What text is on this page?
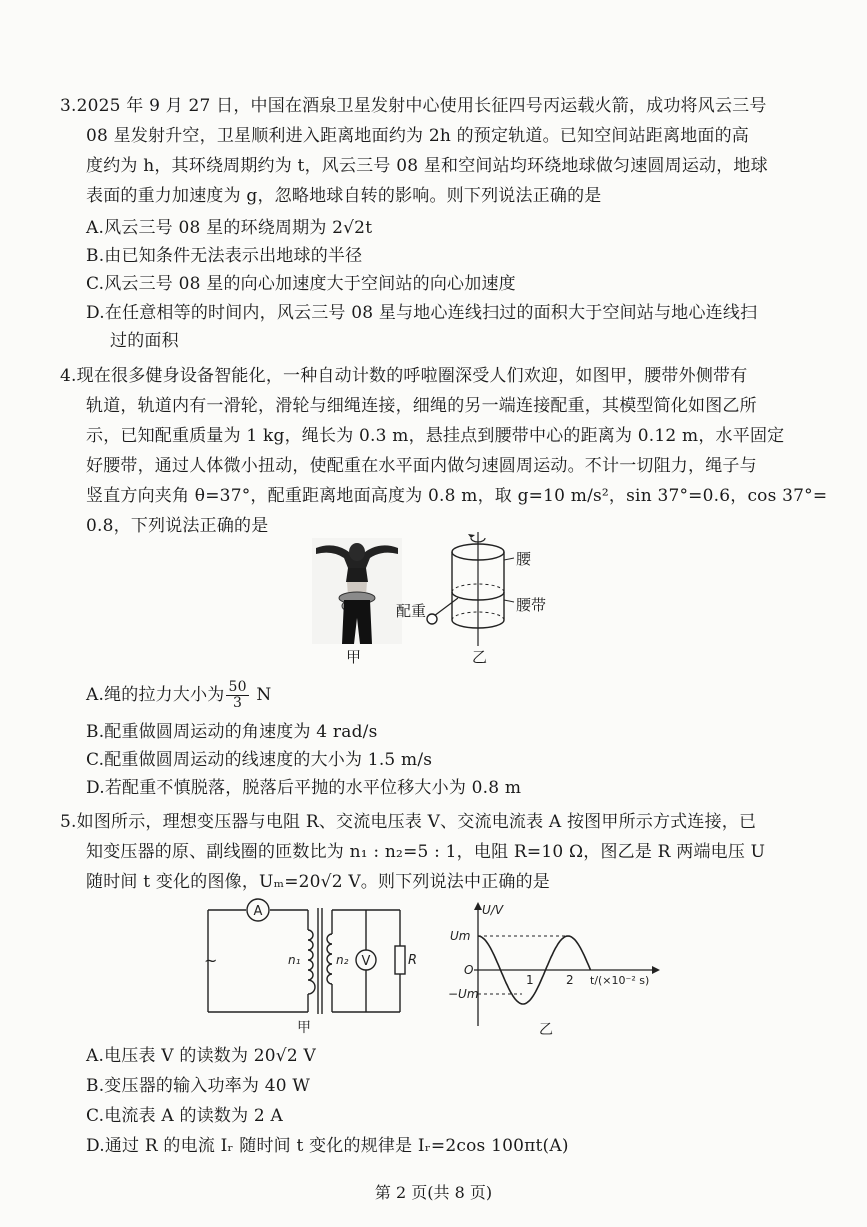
3.2025 年 9 月 27 日，中国在酒泉卫星发射中心使用长征四号丙运载火箭，成功将风云三号
08 星发射升空，卫星顺利进入距离地面约为 2h 的预定轨道。已知空间站距离地面的高
度约为 h，其环绕周期约为 t，风云三号 08 星和空间站均环绕地球做匀速圆周运动，地球
表面的重力加速度为 g，忽略地球自转的影响。则下列说法正确的是
A.风云三号 08 星的环绕周期为 2√2t
B.由已知条件无法表示出地球的半径
C.风云三号 08 星的向心加速度大于空间站的向心加速度
D.在任意相等的时间内，风云三号 08 星与地心连线扫过的面积大于空间站与地心连线扫
过的面积
4.现在很多健身设备智能化，一种自动计数的呼啦圈深受人们欢迎，如图甲，腰带外侧带有
轨道，轨道内有一滑轮，滑轮与细绳连接，细绳的另一端连接配重，其模型简化如图乙所
示，已知配重质量为 1 kg，绳长为 0.3 m，悬挂点到腰带中心的距离为 0.12 m，水平固定
好腰带，通过人体微小扭动，使配重在水平面内做匀速圆周运动。不计一切阻力，绳子与
竖直方向夹角 θ=37°，配重距离地面高度为 0.8 m，取 g=10 m/s²，sin 37°=0.6，cos 37°=
0.8，下列说法正确的是
腰
腰带
配重
甲	乙
A.绳的拉力大小为 $\frac{50}{3}$ N
B.配重做圆周运动的角速度为 4 rad/s
C.配重做圆周运动的线速度的大小为 1.5 m/s
D.若配重不慎脱落，脱落后平抛的水平位移大小为 0.8 m
5.如图所示，理想变压器与电阻 R、交流电压表 V、交流电流表 A 按图甲所示方式连接，已
知变压器的原、副线圈的匝数比为 n₁ : n₂=5 : 1，电阻 R=10 Ω，图乙是 R 两端电压 U
随时间 t 变化的图像，Uₘ=20√2 V。则下列说法中正确的是
A
V
~	n₁	n₂	R
甲
U/V
Um
−Um
O
1	2 t/(×10⁻² s)
乙
A.电压表 V 的读数为 20√2 V
B.变压器的输入功率为 40 W
C.电流表 A 的读数为 2 A
D.通过 R 的电流 Iᵣ 随时间 t 变化的规律是 Iᵣ=2cos 100πt(A)
第 2 页(共 8 页)
